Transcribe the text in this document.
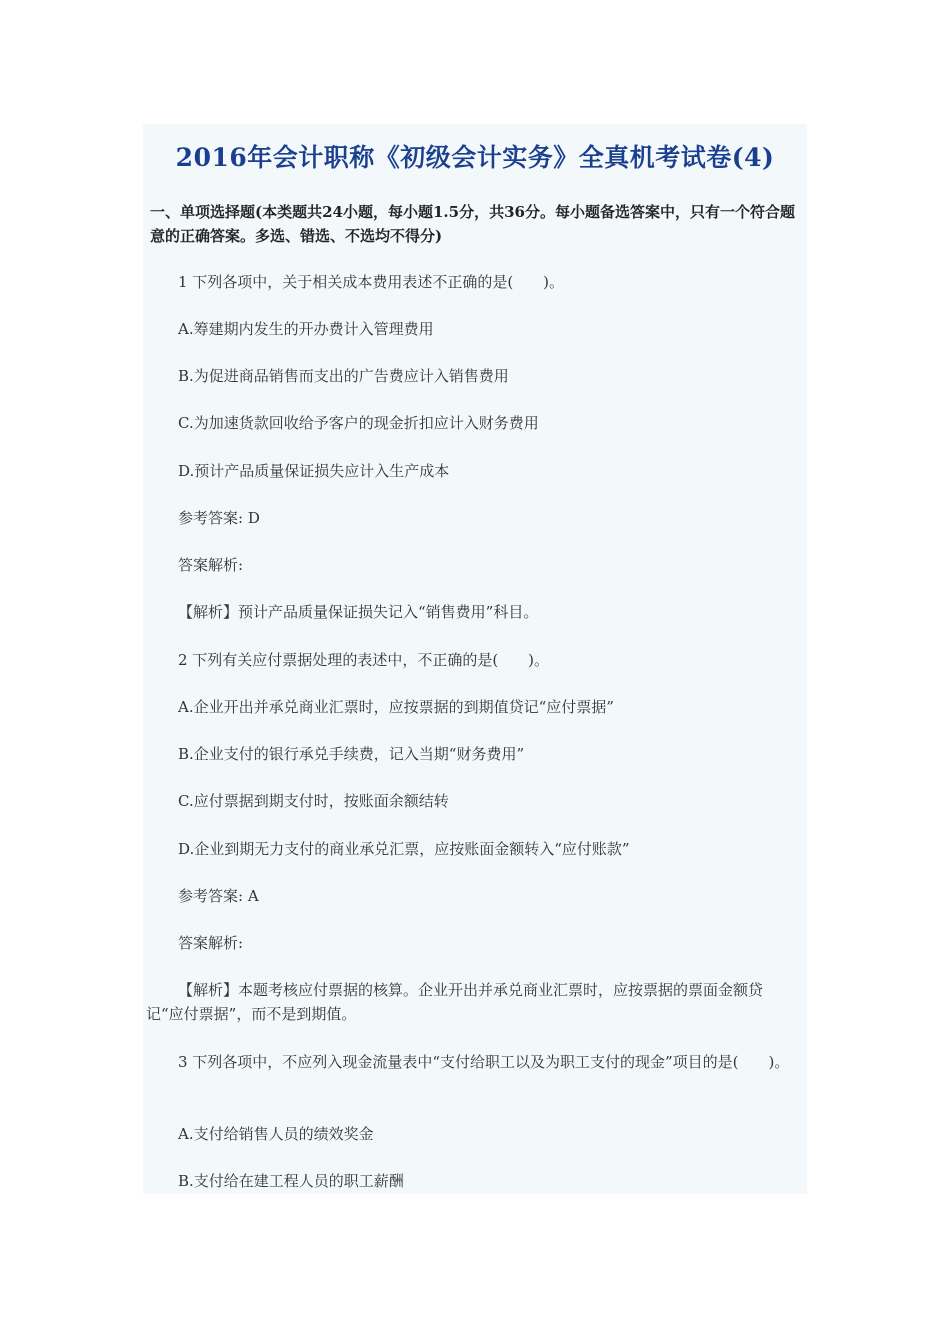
2016年会计职称《初级会计实务》全真机考试卷(4)
一、单项选择题(本类题共24小题，每小题1.5分，共36分。每小题备选答案中，只有一个符合题意的正确答案。多选、错选、不选均不得分)
1 下列各项中，关于相关成本费用表述不正确的是(　　)。
A.筹建期内发生的开办费计入管理费用
B.为促进商品销售而支出的广告费应计入销售费用
C.为加速货款回收给予客户的现金折扣应计入财务费用
D.预计产品质量保证损失应计入生产成本
参考答案: D
答案解析:
【解析】预计产品质量保证损失记入“销售费用”科目。
2 下列有关应付票据处理的表述中，不正确的是(　　)。
A.企业开出并承兑商业汇票时，应按票据的到期值贷记“应付票据”
B.企业支付的银行承兑手续费，记入当期“财务费用”
C.应付票据到期支付时，按账面余额结转
D.企业到期无力支付的商业承兑汇票，应按账面金额转入“应付账款”
参考答案: A
答案解析:
【解析】本题考核应付票据的核算。企业开出并承兑商业汇票时，应按票据的票面金额贷记“应付票据”，而不是到期值。
3 下列各项中，不应列入现金流量表中“支付给职工以及为职工支付的现金”项目的是(　　)。
A.支付给销售人员的绩效奖金
B.支付给在建工程人员的职工薪酬
